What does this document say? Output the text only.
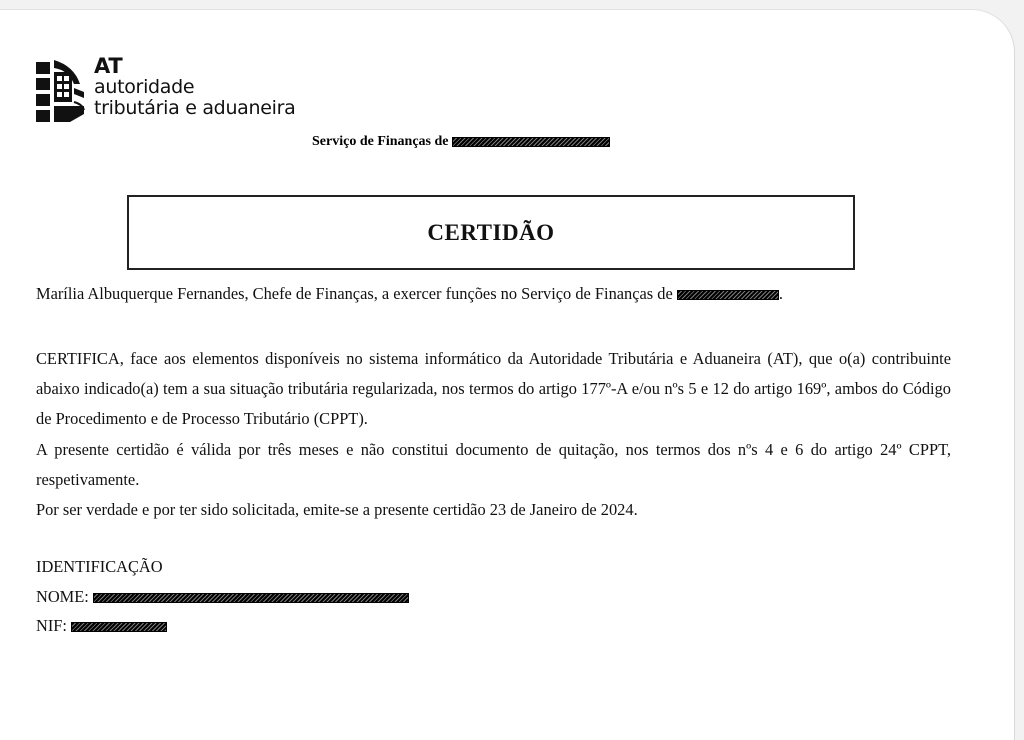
AT
autoridade
tributária e aduaneira
Serviço de Finanças de
CERTIDÃO
Marília Albuquerque Fernandes, Chefe de Finanças, a exercer funções no Serviço de Finanças de	.

CERTIFICA, face aos elementos disponíveis no sistema informático da Autoridade Tributária e Aduaneira (AT), que o(a) contribuinte abaixo indicado(a) tem a sua situação tributária regularizada, nos termos do artigo 177º-A e/ou nºs 5 e 12 do artigo 169º, ambos do Código de Procedimento e de Processo Tributário (CPPT).

A presente certidão é válida por três meses e não constitui documento de quitação, nos termos dos nºs 4 e 6 do artigo 24º CPPT, respetivamente.

Por ser verdade e por ter sido solicitada, emite-se a presente certidão 23 de Janeiro de 2024.

IDENTIFICAÇÃO
NOME:
NIF:
